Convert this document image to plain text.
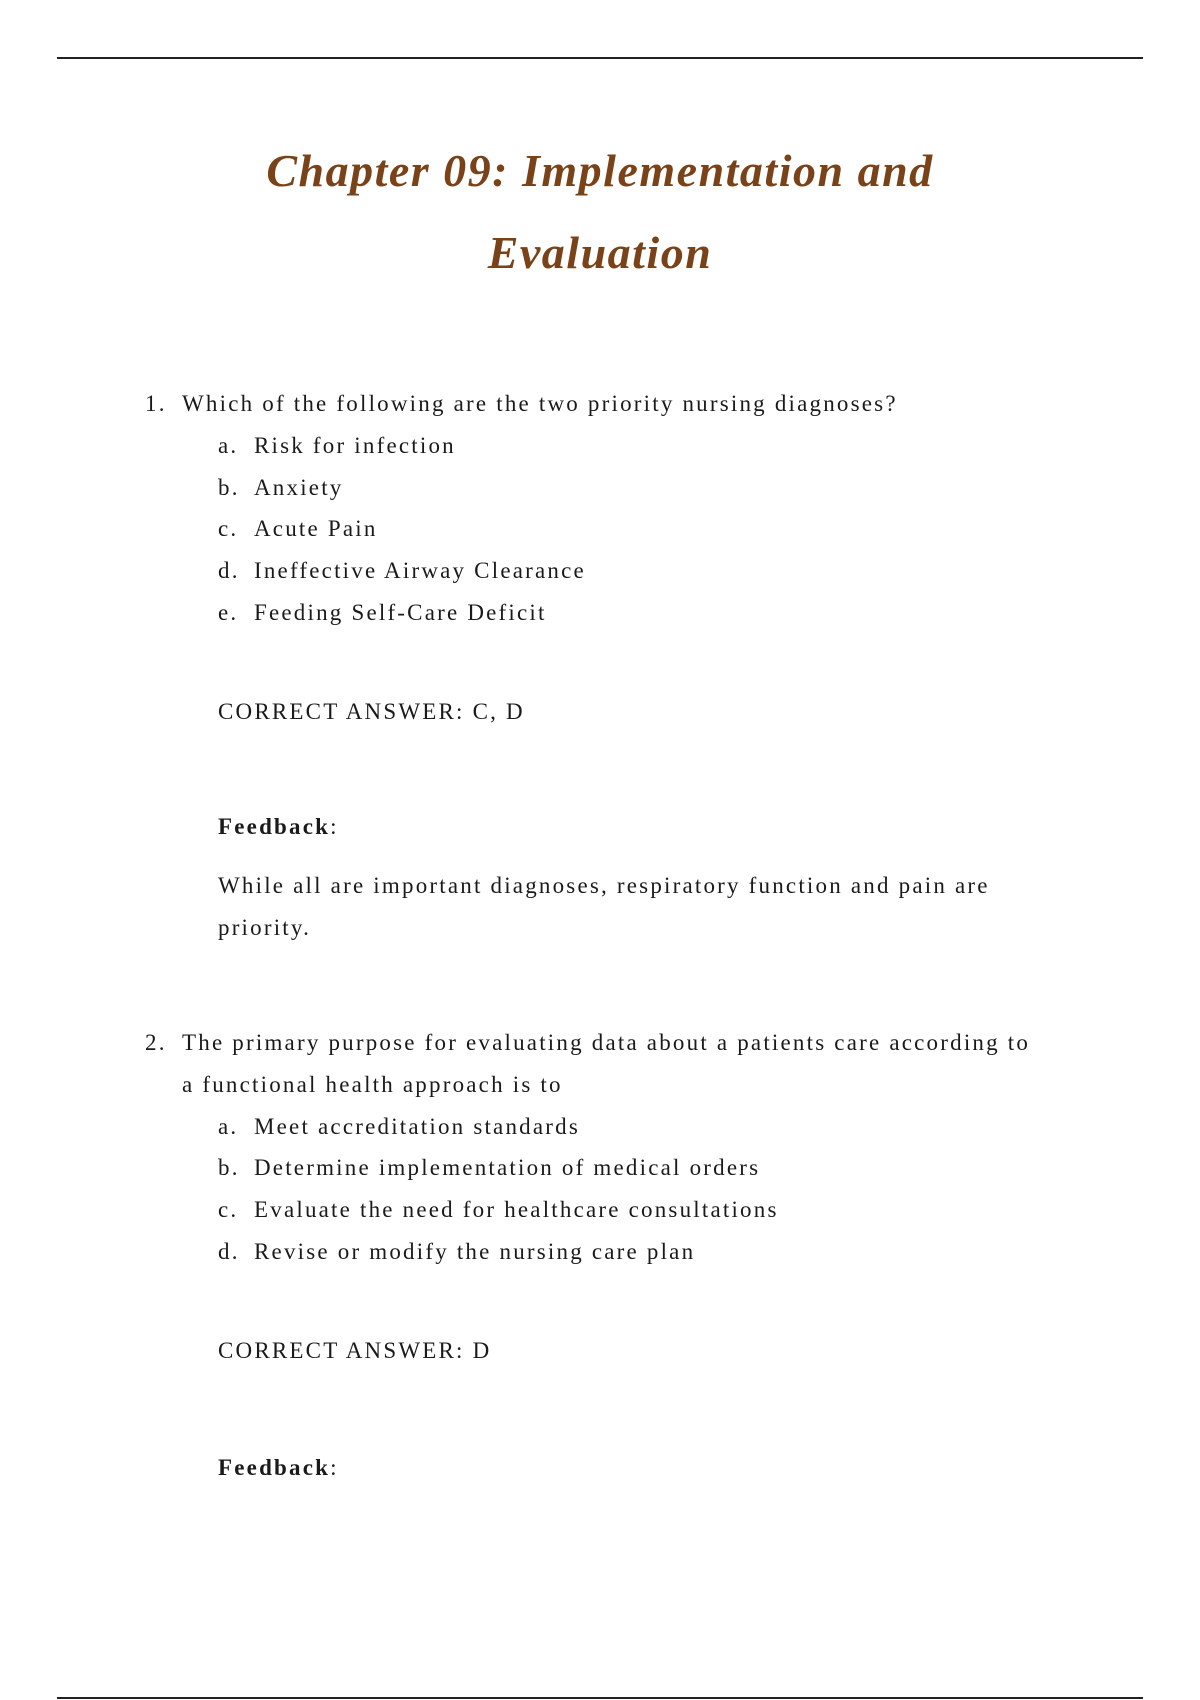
Chapter 09: Implementation and
Evaluation

1. Which of the following are the two priority nursing diagnoses?

a. Risk for infection

b. Anxiety

c. Acute Pain

d. Ineffective Airway Clearance

e. Feeding Self-Care Deficit

CORRECT ANSWER: C, D

Feedback:

While all are important diagnoses, respiratory function and pain are

priority.

2. The primary purpose for evaluating data about a patients care according to

a functional health approach is to

a. Meet accreditation standards

b. Determine implementation of medical orders

c. Evaluate the need for healthcare consultations

d. Revise or modify the nursing care plan

CORRECT ANSWER: D

Feedback:
